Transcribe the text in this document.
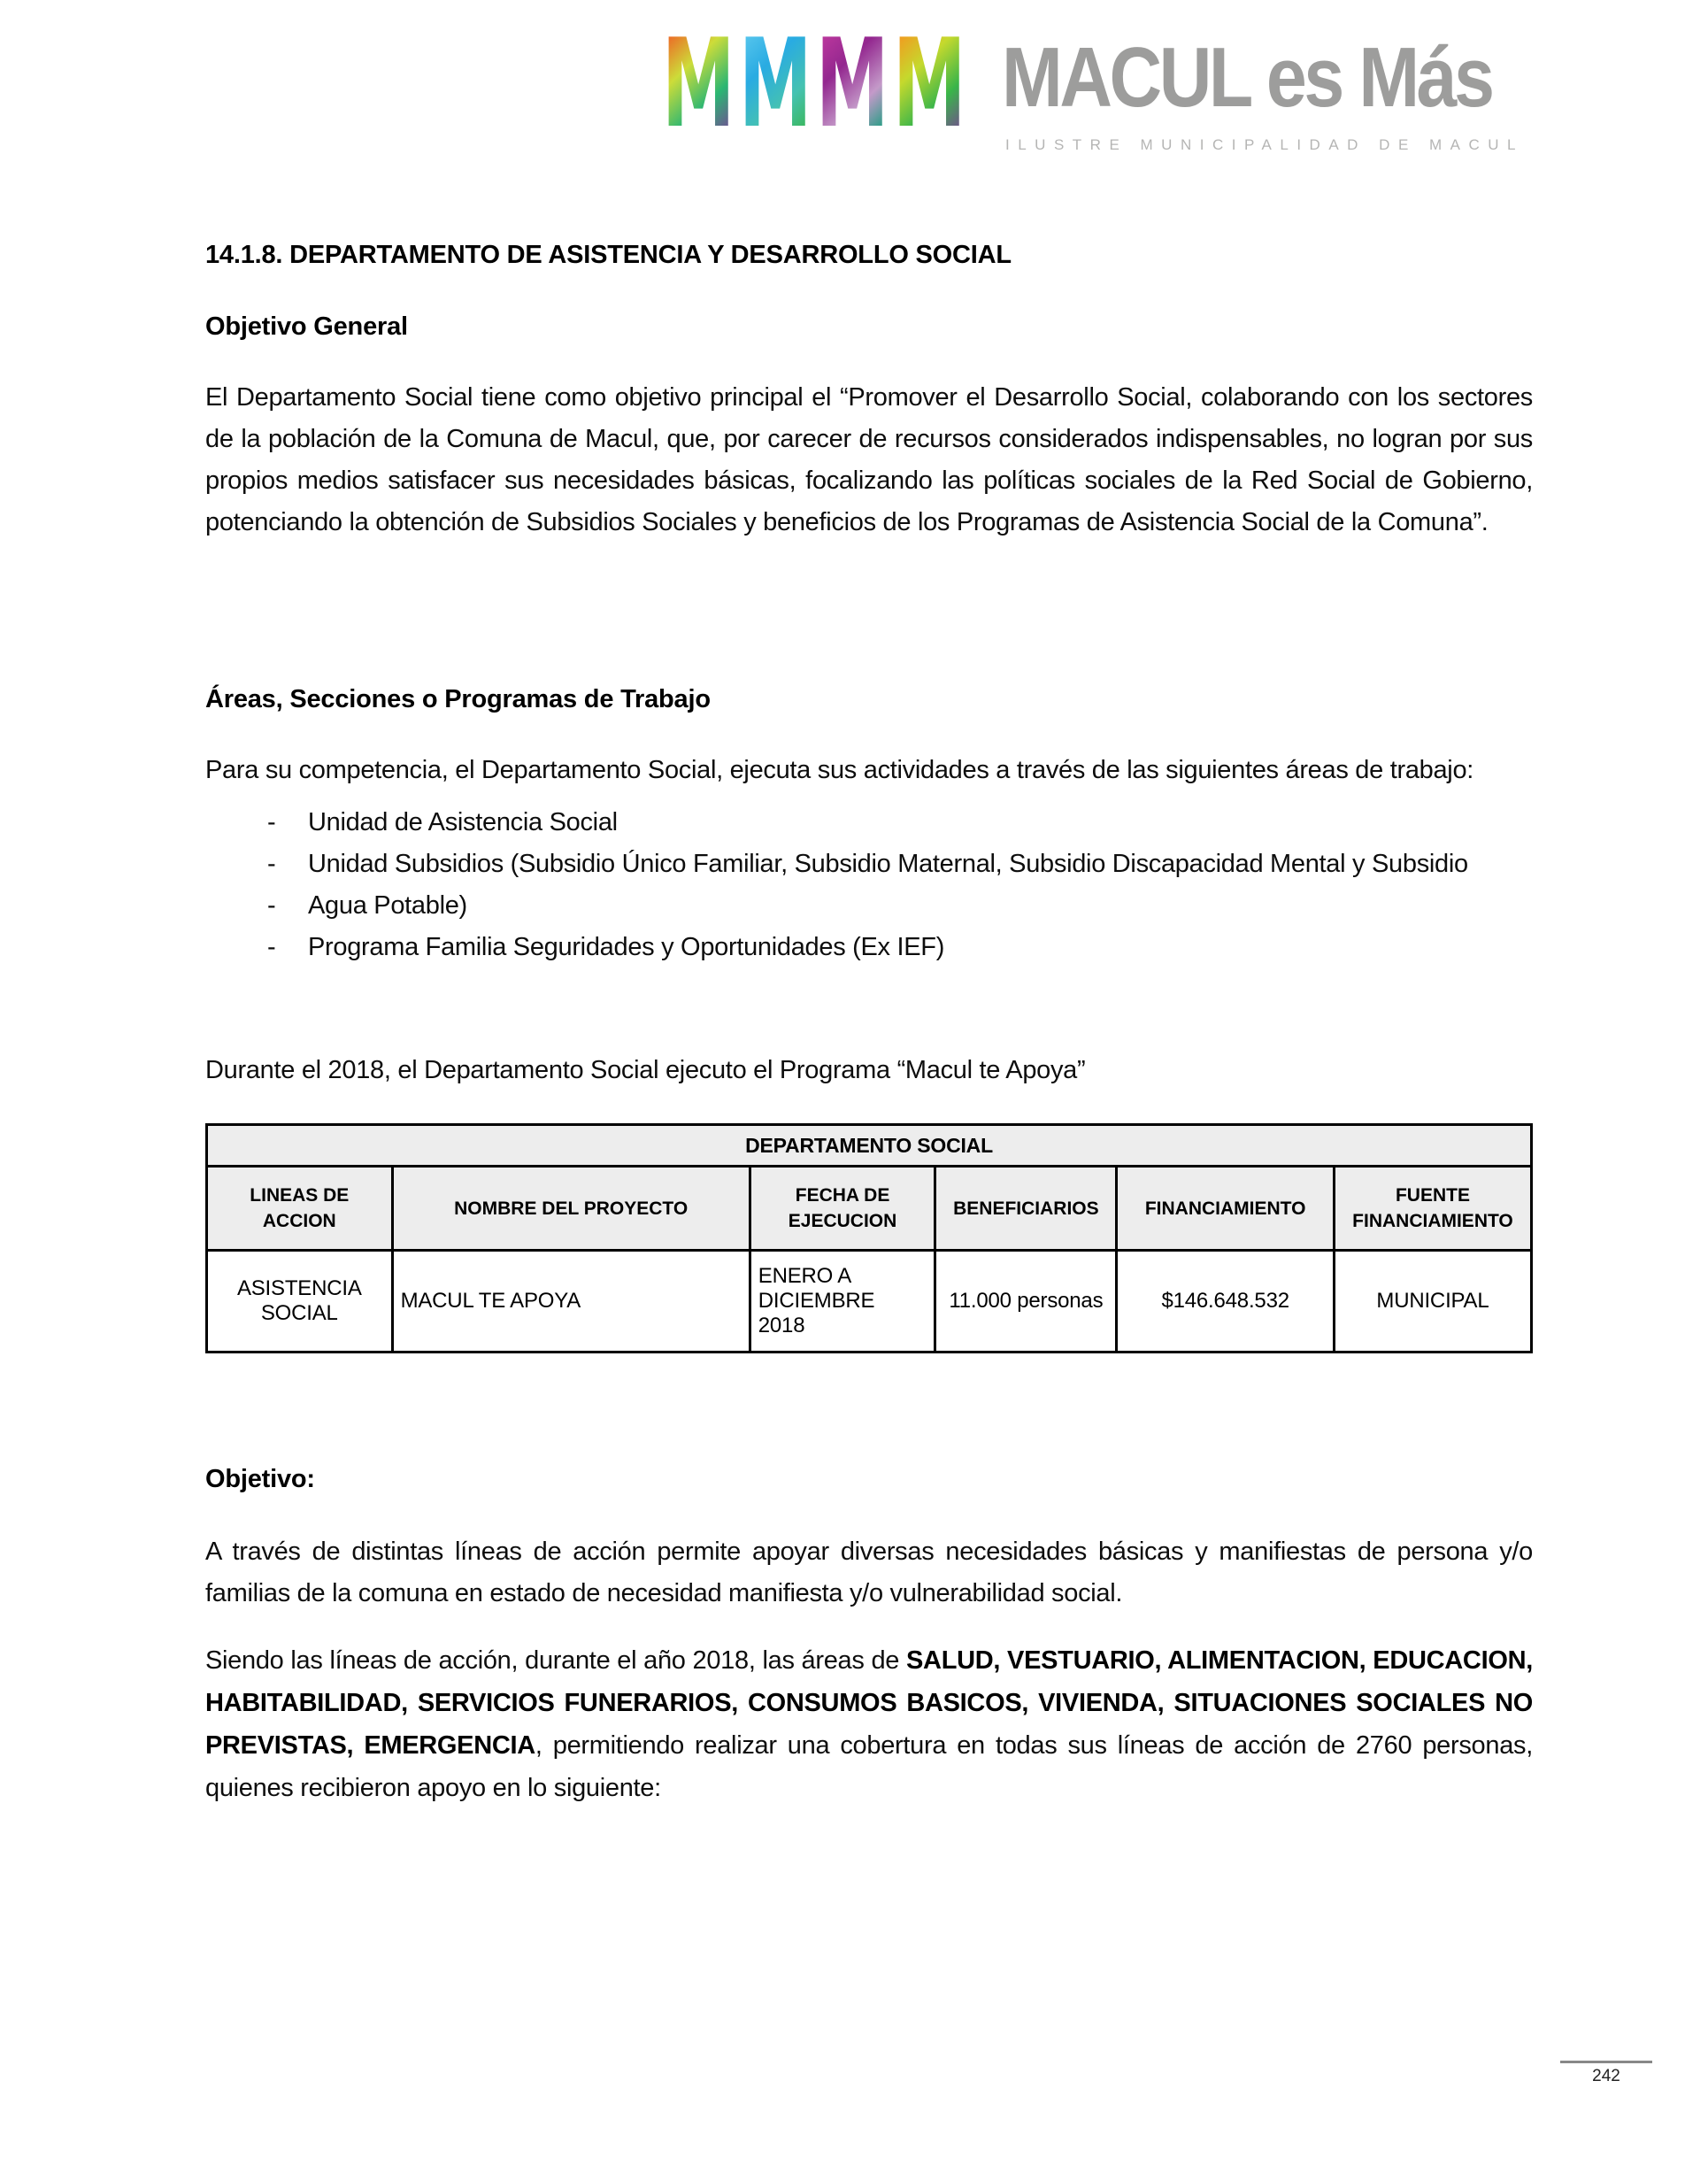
M M M M MACUL es Más
ILUSTRE MUNICIPALIDAD DE MACUL
14.1.8. DEPARTAMENTO DE ASISTENCIA Y DESARROLLO SOCIAL
Objetivo General

El Departamento Social tiene como objetivo principal el “Promover el Desarrollo Social, colaborando con los sectores de la población de la Comuna de Macul, que, por carecer de recursos considerados indispensables, no logran por sus propios medios satisfacer sus necesidades básicas, focalizando las políticas sociales de la Red Social de Gobierno, potenciando la obtención de Subsidios Sociales y beneficios de los Programas de Asistencia Social de la Comuna”.

Áreas, Secciones o Programas de Trabajo

Para su competencia, el Departamento Social, ejecuta sus actividades a través de las siguientes áreas de trabajo:

-	Unidad de Asistencia Social
-	Unidad Subsidios (Subsidio Único Familiar, Subsidio Maternal, Subsidio Discapacidad Mental y Subsidio
-	Agua Potable)
-	Programa Familia Seguridades y Oportunidades (Ex IEF)

Durante el 2018, el Departamento Social ejecuto el Programa “Macul te Apoya”

DEPARTAMENTO SOCIAL					
LINEAS DE ACCION	NOMBRE DEL PROYECTO	FECHA DE EJECUCION	BENEFICIARIOS	FINANCIAMIENTO	FUENTE FINANCIAMIENTO
ASISTENCIA SOCIAL	MACUL TE APOYA	ENERO A DICIEMBRE 2018	11.000 personas	$146.648.532	MUNICIPAL
Objetivo:

A través de distintas líneas de acción permite apoyar diversas necesidades básicas y manifiestas de persona y/o familias de la comuna en estado de necesidad manifiesta y/o vulnerabilidad social.

Siendo las líneas de acción, durante el año 2018, las áreas de SALUD, VESTUARIO, ALIMENTACION, EDUCACION, HABITABILIDAD, SERVICIOS FUNERARIOS, CONSUMOS BASICOS, VIVIENDA, SITUACIONES SOCIALES NO PREVISTAS, EMERGENCIA, permitiendo realizar una cobertura en todas sus líneas de acción de 2760 personas, quienes recibieron apoyo en lo siguiente:

242
